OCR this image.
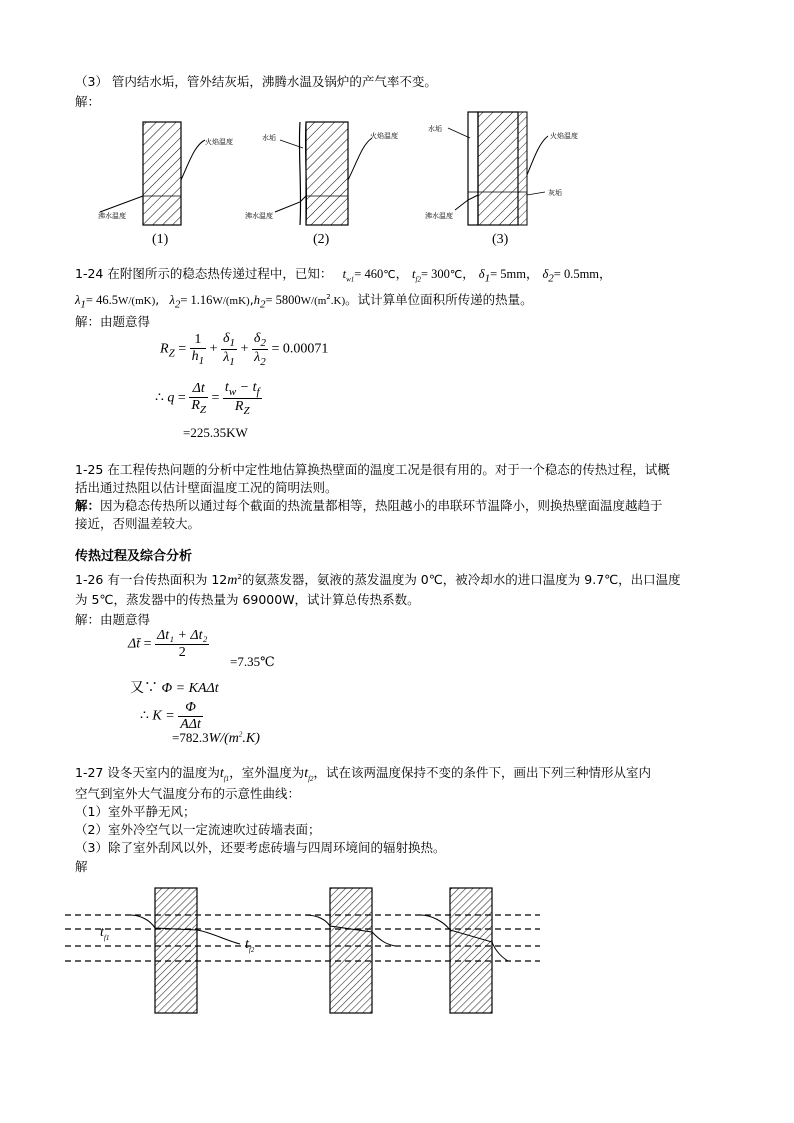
（3） 管内结水垢，管外结灰垢，沸腾水温及锅炉的产气率不变。
解：
火焰温度
沸水温度
(1)
水垢	火焰温度
沸水温度
(2)
水垢
火焰温度
灰垢
沸水温度
(3)
1-24 在附图所示的稳态热传递过程中，已知： $t_{w1}=$ 460℃， $t_{f2}=$ 300℃， $\delta_1= 5mm$， $\delta_2= 0.5mm$，
$\lambda_1= 46.5W/(mK)$,   $\lambda_2= 1.16W/(mK),h_2= 5800W/(m^2.K)$。试计算单位面积所传递的热量。
解：由题意得
$R_Z = \frac{1}{h_1} + \frac{\delta_1}{\lambda_1} + \frac{\delta_2}{\lambda_2} = 0.00071$
∴ $q = \frac{\Delta t}{R_Z} = \frac{t_w - t_f}{R_Z}$
=225.35KW
1-25 在工程传热问题的分析中定性地估算换热壁面的温度工况是很有用的。对于一个稳态的传热过程，试概
括出通过热阻以估计壁面温度工况的简明法则。
解：因为稳态传热所以通过每个截面的热流量都相等，热阻越小的串联环节温降小，则换热壁面温度越趋于
接近，否则温差较大。
传热过程及综合分析
1-26 有一台传热面积为 $12m^2$的氨蒸发器，氨液的蒸发温度为 0℃，被冷却水的进口温度为 9.7℃，出口温度
为 5℃，蒸发器中的传热量为 69000W，试计算总传热系数。
解：由题意得
Δt̄ = $\frac{\text{Δt₁ + Δt₂}}{2}$
=7.35℃
又∵ Φ = KAΔt
∴ $K = \frac{\Phi}{\text{AΔt}}$
$=782.3W/(m^2.K)$
1-27 设冬天室内的温度为$t_{f1}$，室外温度为$t_{f2}$，试在该两温度保持不变的条件下，画出下列三种情形从室内
空气到室外大气温度分布的示意性曲线：
（1）室外平静无风；
（2）室外冷空气以一定流速吹过砖墙表面；
（3）除了室外刮风以外，还要考虑砖墙与四周环境间的辐射换热。
解
$t_{f1}$	$t_{f2}$
